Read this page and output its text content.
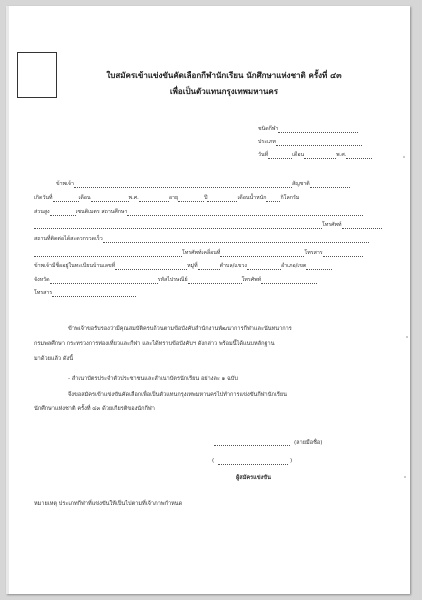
ใบสมัครเข้าแข่งขันคัดเลือกกีฬานักเรียน นักศึกษาแห่งชาติ ครั้งที่ ๔๓
เพื่อเป็นตัวแทนกรุงเทพมหานคร
ชนิดกีฬา
ประเภท
วันที่	เดือน	พ.ศ.
ข้าพเจ้า	สัญชาติ
เกิดวันที่	เดือน	พ.ศ.	อายุ	ปี	เดือนน้ำหนัก	กิโลกรัม
ส่วนสูง	เซนติเมตร สถานศึกษา
โทรศัพท์
สถานที่ติดต่อได้สะดวกรวดเร็ว
โทรศัพท์เคลื่อนที่	โทรสาร
ข้าพเจ้ามีชื่ออยู่ในทะเบียนบ้านเลขที่	หมู่ที่	ตำบล/แขวง	อำเภอ/เขต
จังหวัด	รหัสไปรษณีย์	โทรศัพท์
โทรสาร
ข้าพเจ้าขอรับรองว่ามีคุณสมบัติครบถ้วนตามข้อบังคับสำนักงานพัฒนาการกีฬาและนันทนาการ
กรมพลศึกษา กระทรวงการท่องเที่ยวและกีฬา และได้ทราบข้อบังคับฯ ดังกล่าว พร้อมนี้ได้แนบหลักฐาน
มาด้วยแล้ว ดังนี้
- สำเนาบัตรประจำตัวประชาชนและสำเนาบัตรนักเรียน อย่างละ ๑ ฉบับ
จึงขอสมัครเข้าแข่งขันคัดเลือกเพื่อเป็นตัวแทนกรุงเทพมหานครไปทำการแข่งขันกีฬานักเรียน
นักศึกษาแห่งชาติ ครั้งที่ ๔๓ ด้วยเกียรติของนักกีฬา
(ลายมือชื่อ)
(	)
ผู้สมัครแข่งขัน
หมายเหตุ ประเภทกีฬาที่แข่งขันให้เป็นไปตามที่เจ้าภาพกำหนด
